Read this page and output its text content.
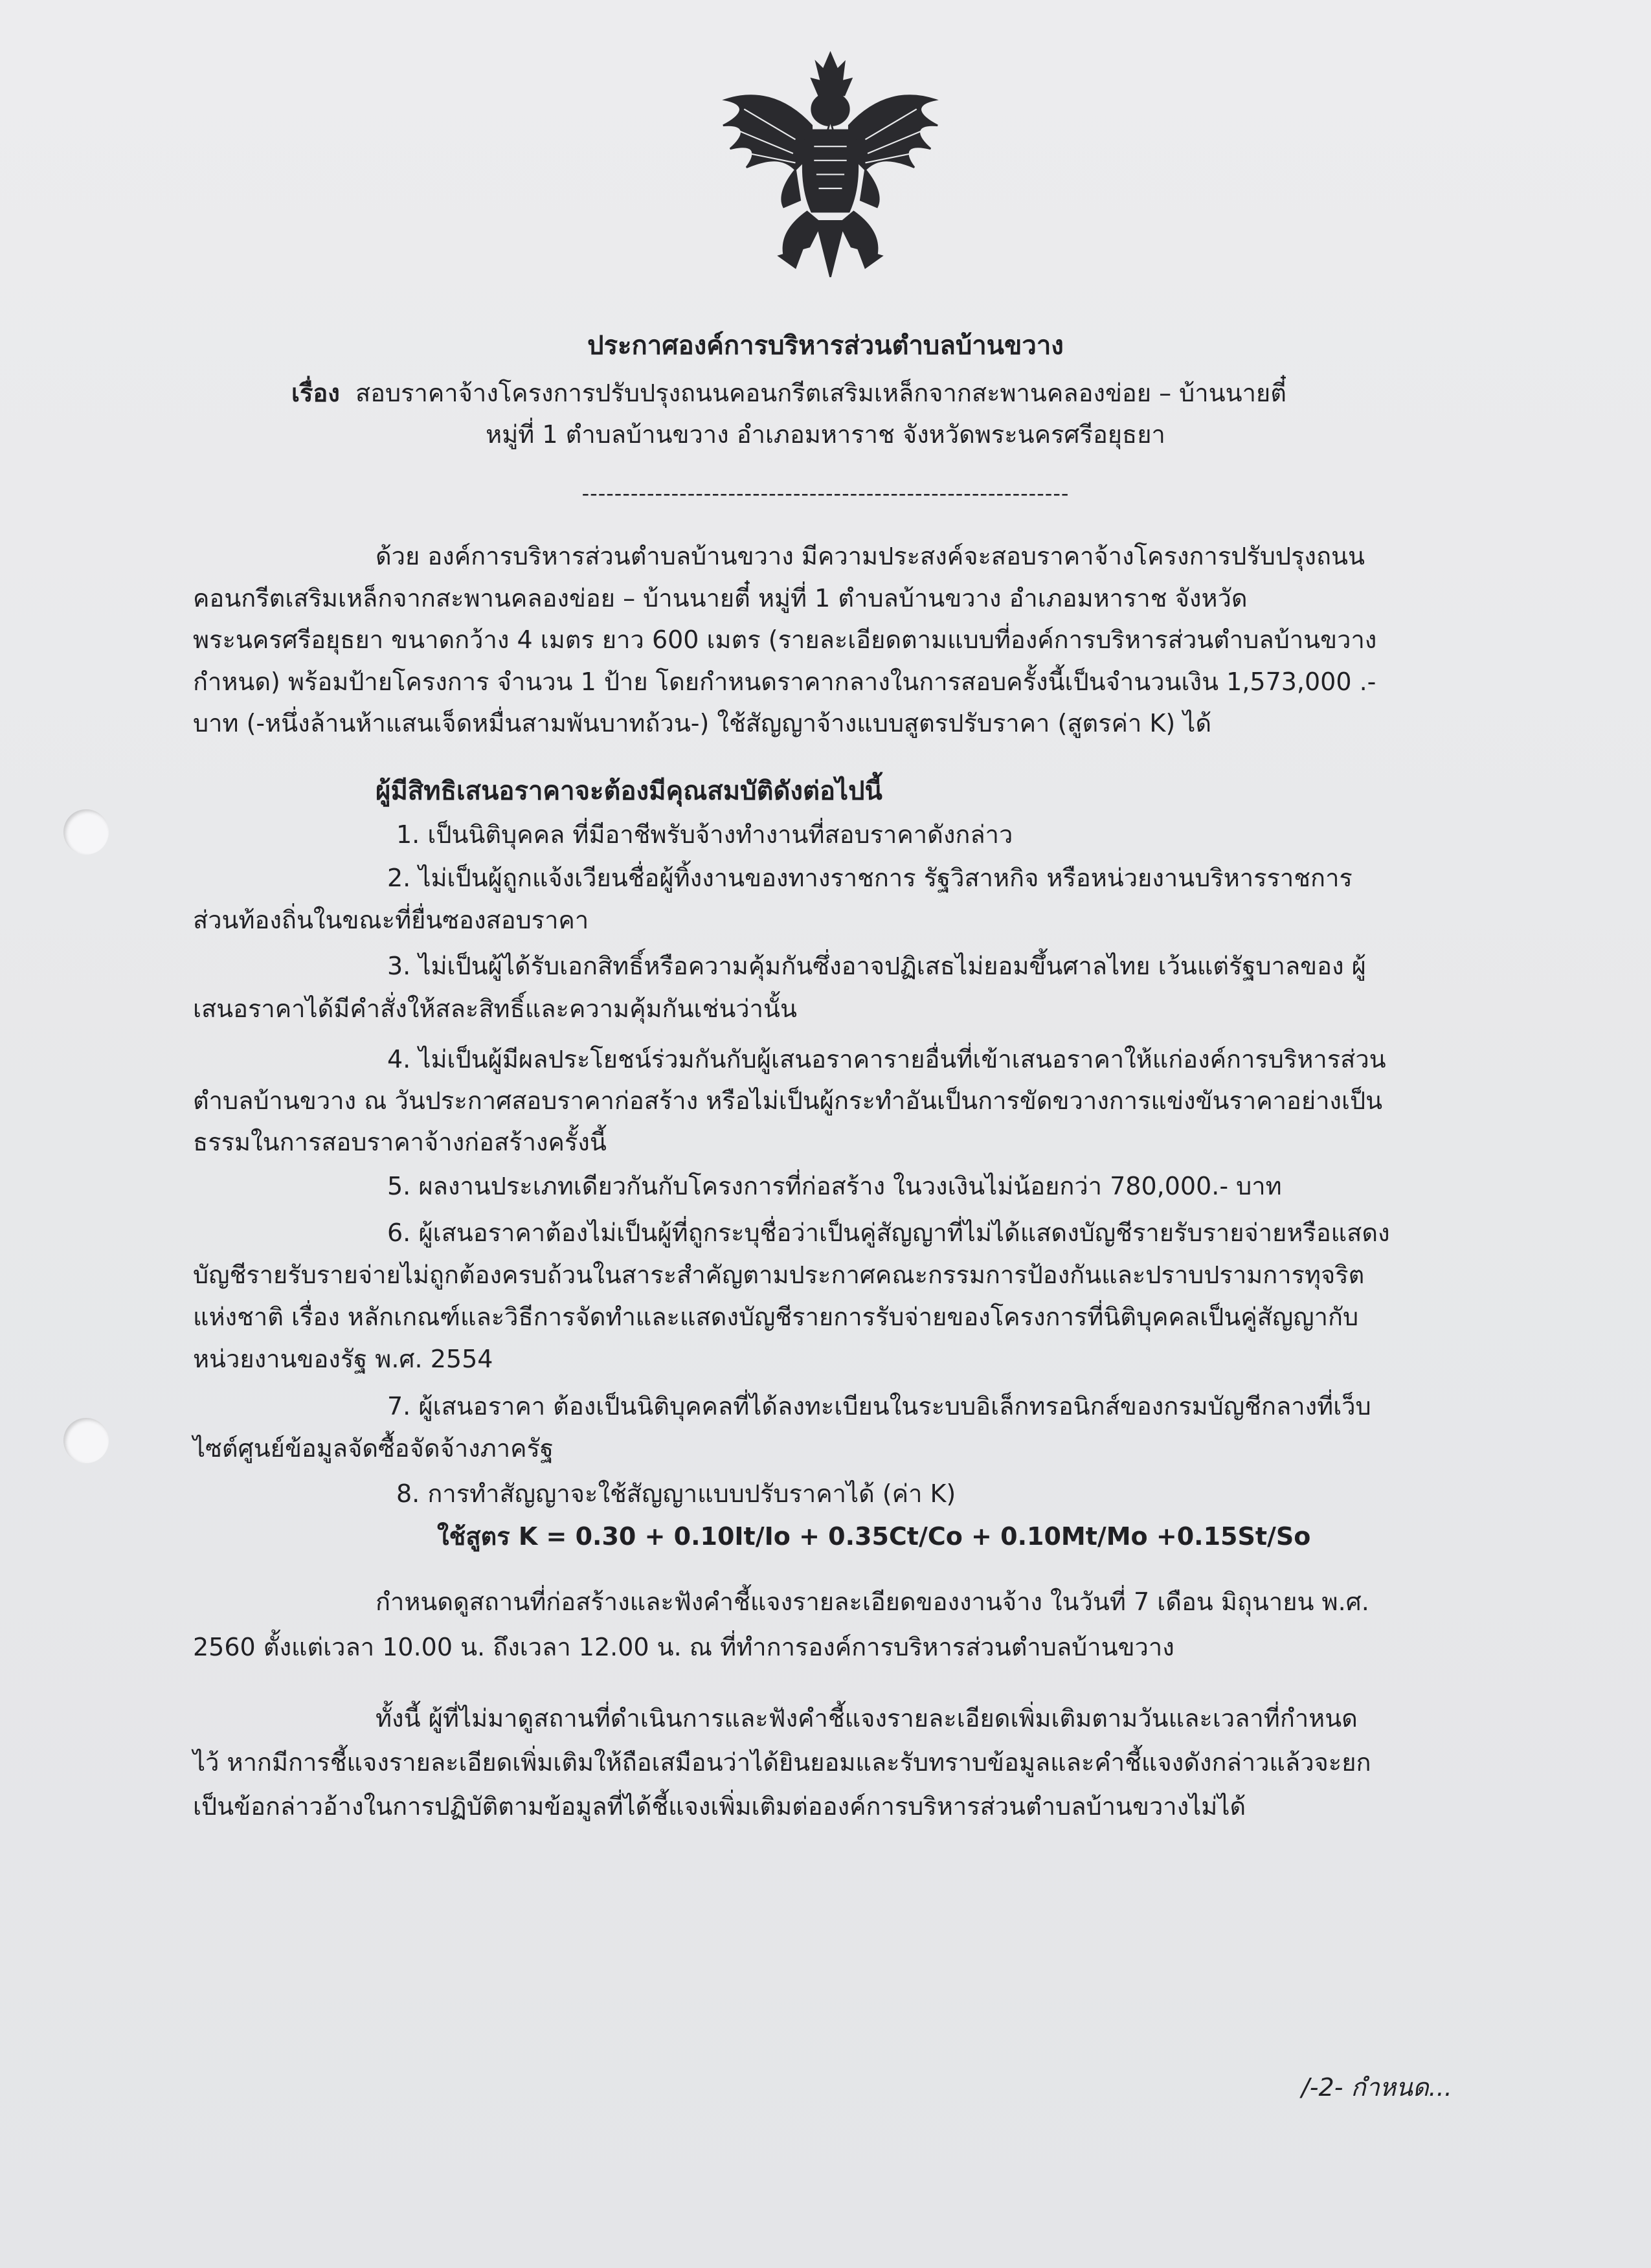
ประกาศองค์การบริหารส่วนตำบลบ้านขวาง
เรื่อง สอบราคาจ้างโครงการปรับปรุงถนนคอนกรีตเสริมเหล็กจากสะพานคลองข่อย – บ้านนายตี๋
หมู่ที่ 1 ตำบลบ้านขวาง อำเภอมหาราช จังหวัดพระนครศรีอยุธยา
------------------------------------------------------------
ด้วย องค์การบริหารส่วนตำบลบ้านขวาง มีความประสงค์จะสอบราคาจ้างโครงการปรับปรุงถนน
คอนกรีตเสริมเหล็กจากสะพานคลองข่อย – บ้านนายตี๋ หมู่ที่ 1 ตำบลบ้านขวาง อำเภอมหาราช จังหวัด
พระนครศรีอยุธยา ขนาดกว้าง 4 เมตร ยาว 600 เมตร (รายละเอียดตามแบบที่องค์การบริหารส่วนตำบลบ้านขวาง
กำหนด) พร้อมป้ายโครงการ จำนวน 1 ป้าย โดยกำหนดราคากลางในการสอบครั้งนี้เป็นจำนวนเงิน 1,573,000 .-
บาท (-หนึ่งล้านห้าแสนเจ็ดหมื่นสามพันบาทถ้วน-) ใช้สัญญาจ้างแบบสูตรปรับราคา (สูตรค่า K) ได้
ผู้มีสิทธิเสนอราคาจะต้องมีคุณสมบัติดังต่อไปนี้
1. เป็นนิติบุคคล ที่มีอาชีพรับจ้างทำงานที่สอบราคาดังกล่าว
2. ไม่เป็นผู้ถูกแจ้งเวียนชื่อผู้ทิ้งงานของทางราชการ รัฐวิสาหกิจ หรือหน่วยงานบริหารราชการ
ส่วนท้องถิ่นในขณะที่ยื่นซองสอบราคา
3. ไม่เป็นผู้ได้รับเอกสิทธิ์หรือความคุ้มกันซึ่งอาจปฏิเสธไม่ยอมขึ้นศาลไทย เว้นแต่รัฐบาลของ ผู้
เสนอราคาได้มีคำสั่งให้สละสิทธิ์และความคุ้มกันเช่นว่านั้น
4. ไม่เป็นผู้มีผลประโยชน์ร่วมกันกับผู้เสนอราคารายอื่นที่เข้าเสนอราคาให้แก่องค์การบริหารส่วน
ตำบลบ้านขวาง ณ วันประกาศสอบราคาก่อสร้าง หรือไม่เป็นผู้กระทำอันเป็นการขัดขวางการแข่งขันราคาอย่างเป็น
ธรรมในการสอบราคาจ้างก่อสร้างครั้งนี้
5. ผลงานประเภทเดียวกันกับโครงการที่ก่อสร้าง ในวงเงินไม่น้อยกว่า 780,000.- บาท
6. ผู้เสนอราคาต้องไม่เป็นผู้ที่ถูกระบุชื่อว่าเป็นคู่สัญญาที่ไม่ได้แสดงบัญชีรายรับรายจ่ายหรือแสดง
บัญชีรายรับรายจ่ายไม่ถูกต้องครบถ้วนในสาระสำคัญตามประกาศคณะกรรมการป้องกันและปราบปรามการทุจริต
แห่งชาติ เรื่อง หลักเกณฑ์และวิธีการจัดทำและแสดงบัญชีรายการรับจ่ายของโครงการที่นิติบุคคลเป็นคู่สัญญากับ
หน่วยงานของรัฐ พ.ศ. 2554
7. ผู้เสนอราคา ต้องเป็นนิติบุคคลที่ได้ลงทะเบียนในระบบอิเล็กทรอนิกส์ของกรมบัญชีกลางที่เว็บ
ไซต์ศูนย์ข้อมูลจัดซื้อจัดจ้างภาครัฐ
8. การทำสัญญาจะใช้สัญญาแบบปรับราคาได้ (ค่า K)
ใช้สูตร K = 0.30 + 0.10It/Io + 0.35Ct/Co + 0.10Mt/Mo +0.15St/So
กำหนดดูสถานที่ก่อสร้างและฟังคำชี้แจงรายละเอียดของงานจ้าง ในวันที่ 7 เดือน มิถุนายน พ.ศ.
2560 ตั้งแต่เวลา 10.00 น. ถึงเวลา 12.00 น. ณ ที่ทำการองค์การบริหารส่วนตำบลบ้านขวาง
ทั้งนี้ ผู้ที่ไม่มาดูสถานที่ดำเนินการและฟังคำชี้แจงรายละเอียดเพิ่มเติมตามวันและเวลาที่กำหนด
ไว้ หากมีการชี้แจงรายละเอียดเพิ่มเติมให้ถือเสมือนว่าได้ยินยอมและรับทราบข้อมูลและคำชี้แจงดังกล่าวแล้วจะยก
เป็นข้อกล่าวอ้างในการปฏิบัติตามข้อมูลที่ได้ชี้แจงเพิ่มเติมต่อองค์การบริหารส่วนตำบลบ้านขวางไม่ได้
/-2- กำหนด...
